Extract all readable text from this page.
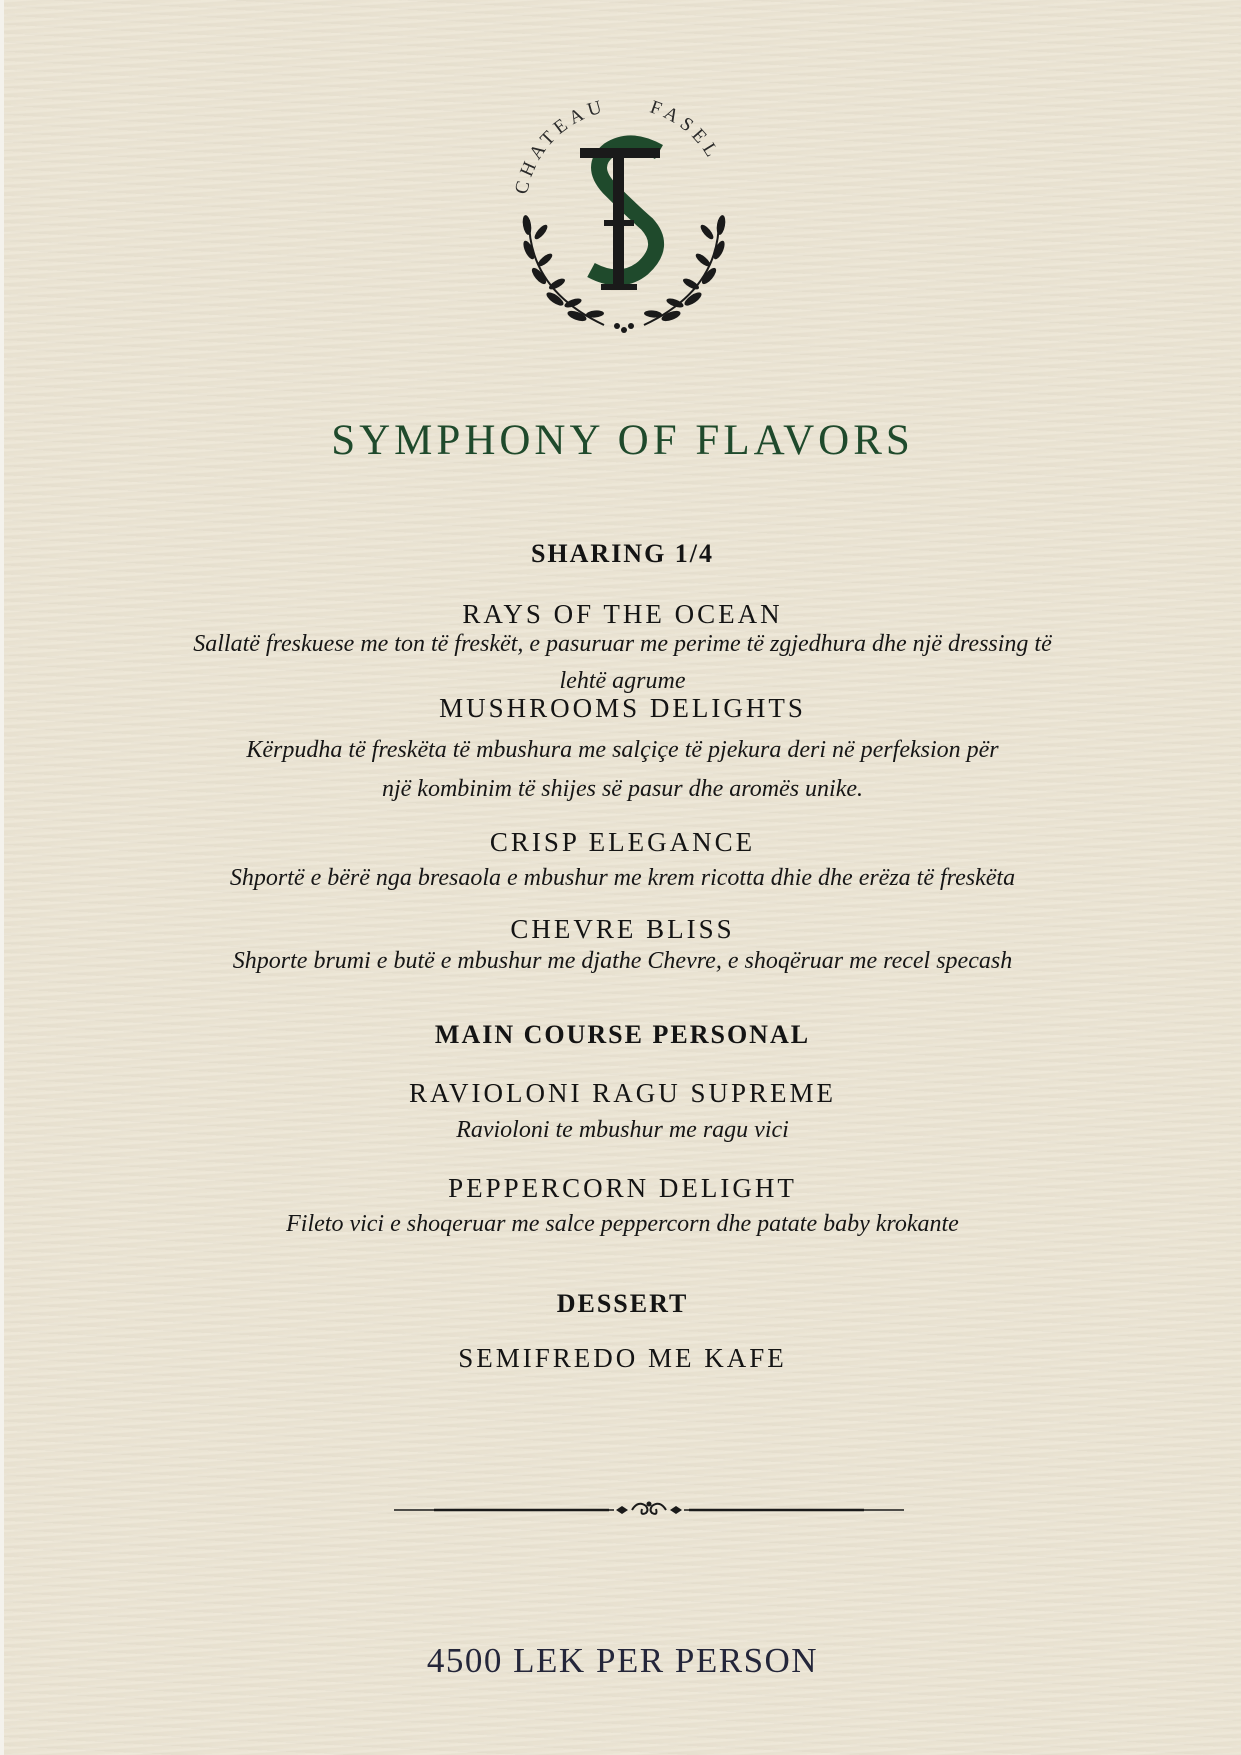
CHATEAU FASEL
SYMPHONY OF FLAVORS
SHARING 1/4
RAYS OF THE OCEAN
Sallatë freskuese me ton të freskët, e pasuruar me perime të zgjedhura dhe një dressing të
lehtë agrume
MUSHROOMS DELIGHTS
Kërpudha të freskëta të mbushura me salçiçe të pjekura deri në perfeksion për
një kombinim të shijes së pasur dhe aromës unike.
CRISP ELEGANCE
Shportë e bërë nga bresaola e mbushur me krem ricotta dhie dhe erëza të freskëta
CHEVRE BLISS
Shporte brumi e butë e mbushur me djathe Chevre, e shoqëruar me recel specash
MAIN COURSE PERSONAL
RAVIOLONI RAGU SUPREME
Ravioloni te mbushur me ragu vici
PEPPERCORN DELIGHT
Fileto vici e shoqeruar me salce peppercorn dhe patate baby krokante
DESSERT
SEMIFREDO ME KAFE
4500 LEK PER PERSON
